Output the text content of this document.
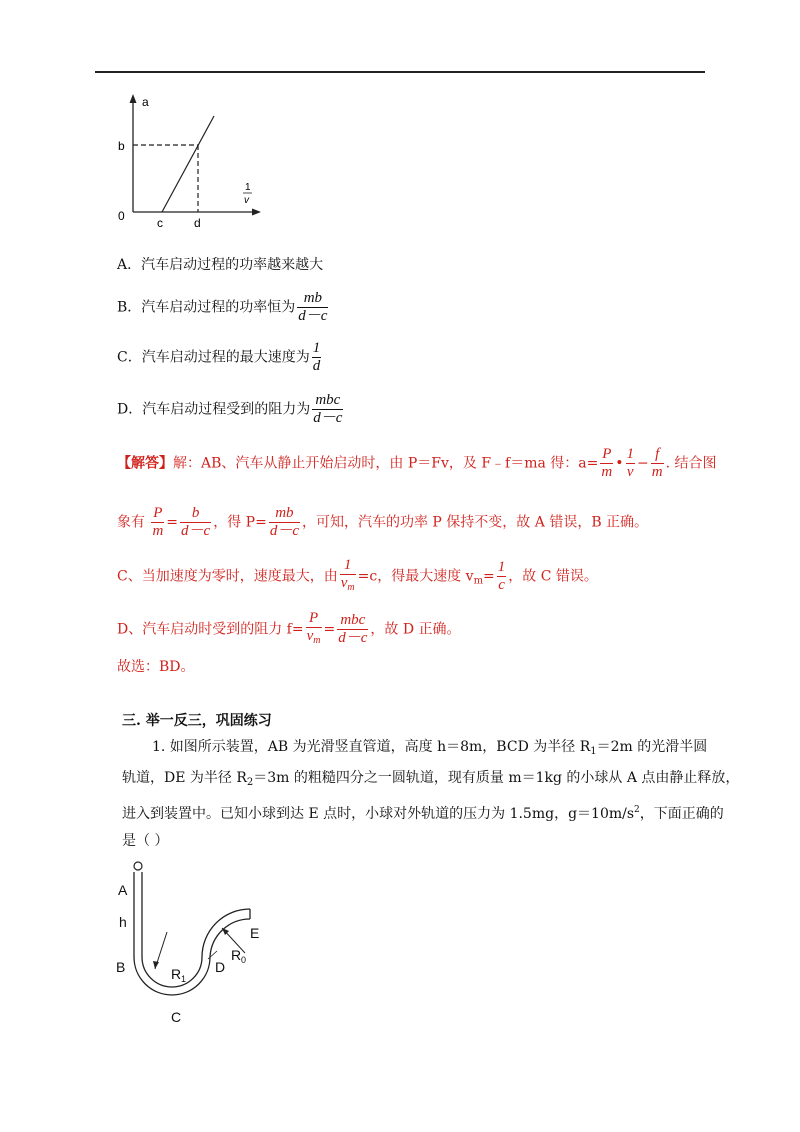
a
b
0	c	d
1
v
A．汽车启动过程的功率越来越大
B．汽车启动过程的功率恒为 $\frac{mb}{d-c}$
C．汽车启动过程的最大速度为 $\frac{1}{d}$
D．汽车启动过程受到的阻力为 $\frac{\text{mbc}}{d-c}$
【解答】解：AB、汽车从静止开始启动时，由 P＝Fv，及 F﹣f＝ma 得：$a= \frac{P}{m}$ • $\frac{1}{v} - \frac{f}{m}$ . 结合图
象有 $\frac{P}{m} = \frac{b}{d-c}$ ，得 $P= \frac{mb}{d-c}$ ，可知，汽车的功率 P 保持不变，故 A 错误，B 正确。
C、当加速度为零时，速度最大，由 $\frac{1}{v_m} =c$，得最大速度 $v_m= \frac{1}{c}$ ，故 C 错误。
D、汽车启动时受到的阻力 $f= \frac{P}{v_m} = \frac{\text{mbc}}{d-c}$ ，故 D 正确。
故选：BD。
三. 举一反三，巩固练习
1. 如图所示装置，AB 为光滑竖直管道，高度 h＝8m，BCD 为半径 $R_1=2m$ 的光滑半圆
轨道，DE 为半径 $R_2=3m$ 的粗糙四分之一圆轨道，现有质量 m＝1kg 的小球从 A 点由静止释放，
进入到装置中。已知小球到达 E 点时，小球对外轨道的压力为 1.5mg，$g=10m/s^2$，下面正确的
是（ ）
A
h
B
C
D
E
R 1
R 0
